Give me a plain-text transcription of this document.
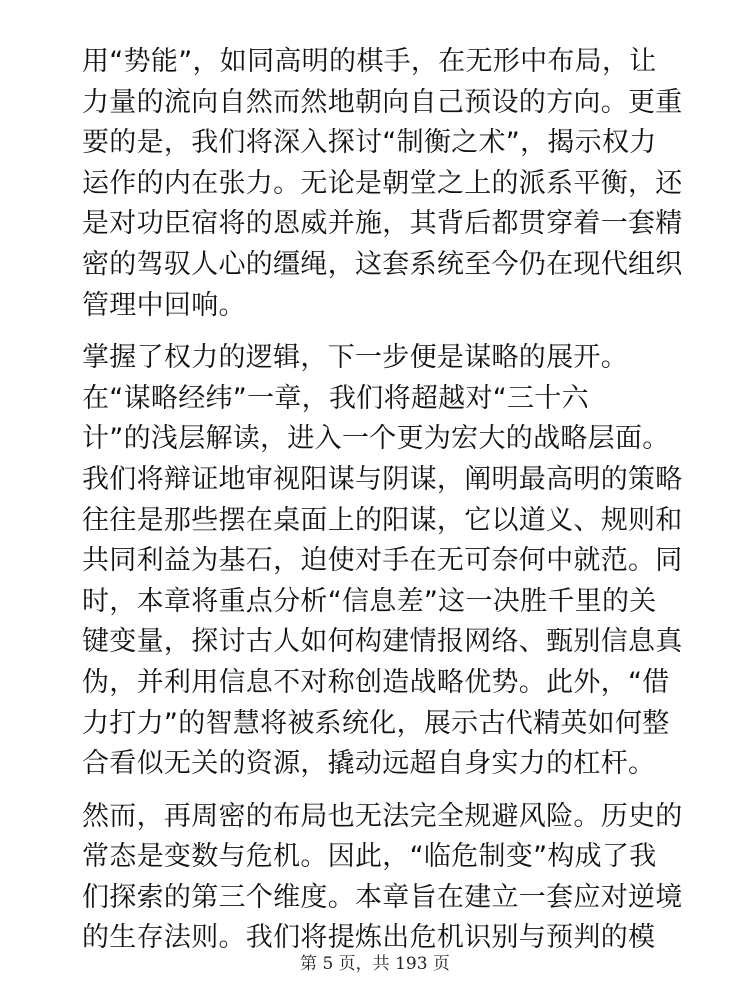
用“势能”，如同高明的棋手，在无形中布局，让
力量的流向自然而然地朝向自己预设的方向。更重
要的是，我们将深入探讨“制衡之术”，揭示权力
运作的内在张力。无论是朝堂之上的派系平衡，还
是对功臣宿将的恩威并施，其背后都贯穿着一套精
密的驾驭人心的缰绳，这套系统至今仍在现代组织
管理中回响。
掌握了权力的逻辑，下一步便是谋略的展开。
在“谋略经纬”一章，我们将超越对“三十六
计”的浅层解读，进入一个更为宏大的战略层面。
我们将辩证地审视阳谋与阴谋，阐明最高明的策略
往往是那些摆在桌面上的阳谋，它以道义、规则和
共同利益为基石，迫使对手在无可奈何中就范。同
时，本章将重点分析“信息差”这一决胜千里的关
键变量，探讨古人如何构建情报网络、甄别信息真
伪，并利用信息不对称创造战略优势。此外，“借
力打力”的智慧将被系统化，展示古代精英如何整
合看似无关的资源，撬动远超自身实力的杠杆。
然而，再周密的布局也无法完全规避风险。历史的
常态是变数与危机。因此，“临危制变”构成了我
们探索的第三个维度。本章旨在建立一套应对逆境
的生存法则。我们将提炼出危机识别与预判的模
第 5 页，共 193 页
